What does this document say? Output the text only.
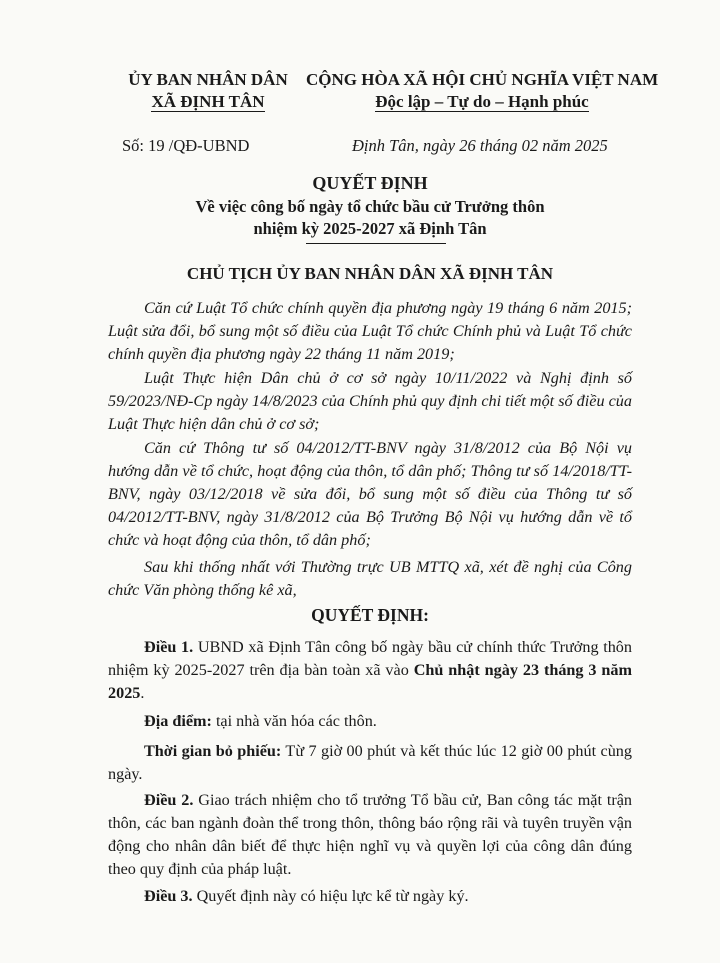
ỦY BAN NHÂN DÂN
XÃ ĐỊNH TÂN
CỘNG HÒA XÃ HỘI CHỦ NGHĨA VIỆT NAM
Độc lập – Tự do – Hạnh phúc
Số: 19 /QĐ-UBND	Định Tân, ngày 26 tháng 02 năm 2025
QUYẾT ĐỊNH
Về việc công bố ngày tổ chức bầu cử Trưởng thôn
nhiệm kỳ 2025-2027 xã Định Tân
CHỦ TỊCH ỦY BAN NHÂN DÂN XÃ ĐỊNH TÂN
Căn cứ Luật Tổ chức chính quyền địa phương ngày 19 tháng 6 năm 2015; Luật sửa đổi, bổ sung một số điều của Luật Tổ chức Chính phủ và Luật Tổ chức chính quyền địa phương ngày 22 tháng 11 năm 2019;
Luật Thực hiện Dân chủ ở cơ sở ngày 10/11/2022 và Nghị định số 59/2023/NĐ-Cp ngày 14/8/2023 của Chính phủ quy định chi tiết một số điều của Luật Thực hiện dân chủ ở cơ sở;
Căn cứ Thông tư số 04/2012/TT-BNV ngày 31/8/2012 của Bộ Nội vụ hướng dẫn về tổ chức, hoạt động của thôn, tổ dân phố; Thông tư số 14/2018/TT-BNV, ngày 03/12/2018 về sửa đổi, bổ sung một số điều của Thông tư số 04/2012/TT-BNV, ngày 31/8/2012 của Bộ Trưởng Bộ Nội vụ hướng dẫn về tổ chức và hoạt động của thôn, tổ dân phố;
Sau khi thống nhất với Thường trực UB MTTQ xã, xét đề nghị của Công chức Văn phòng thống kê xã,
QUYẾT ĐỊNH:
Điều 1. UBND xã Định Tân công bố ngày bầu cử chính thức Trưởng thôn nhiệm kỳ 2025-2027 trên địa bàn toàn xã vào Chủ nhật ngày 23 tháng 3 năm 2025.
Địa điểm: tại nhà văn hóa các thôn.
Thời gian bỏ phiếu: Từ 7 giờ 00 phút và kết thúc lúc 12 giờ 00 phút cùng ngày.
Điều 2. Giao trách nhiệm cho tổ trưởng Tổ bầu cử, Ban công tác mặt trận thôn, các ban ngành đoàn thể trong thôn, thông báo rộng rãi và tuyên truyền vận động cho nhân dân biết để thực hiện nghĩ vụ và quyền lợi của công dân đúng theo quy định của pháp luật.
Điều 3. Quyết định này có hiệu lực kể từ ngày ký.
